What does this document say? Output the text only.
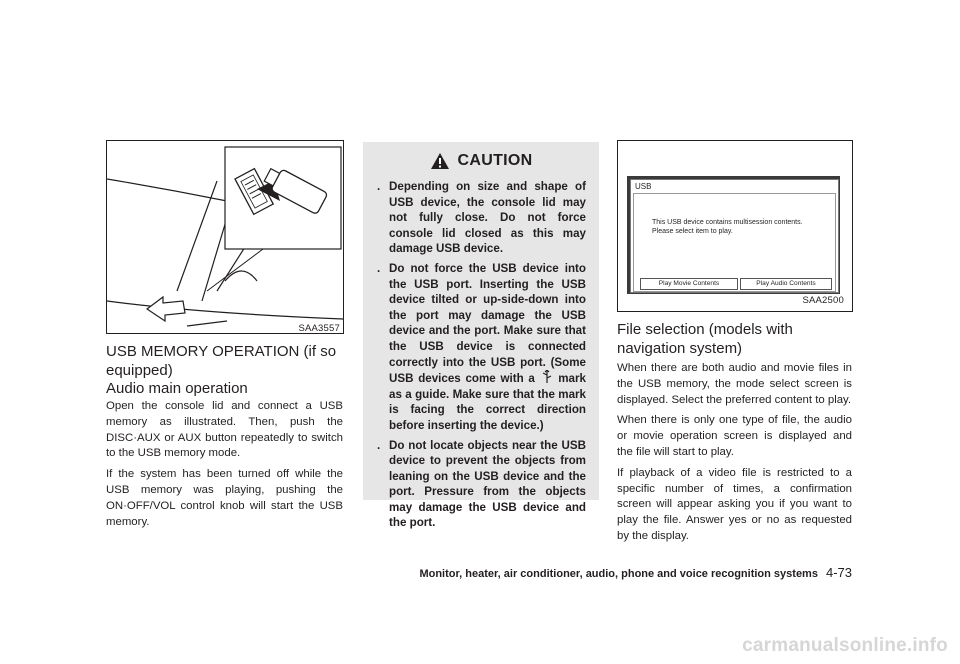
SAA3557
USB MEMORY OPERATION (if so equipped)
Audio main operation

Open the console lid and connect a USB memory as illustrated. Then, push the DISC·AUX or AUX button repeatedly to switch to the USB memory mode.

If the system has been turned off while the USB memory was playing, pushing the ON·OFF/VOL control knob will start the USB memory.

CAUTION
. Depending on size and shape of USB device, the console lid may not fully close. Do not force console lid closed as this may damage USB device.
. Do not force the USB device into the USB port. Inserting the USB device tilted or up-side-down into the port may damage the USB device and the port. Make sure that the USB device is connected correctly into the USB port. (Some USB devices come with a mark as a guide. Make sure that the mark is facing the correct direction before inserting the device.)
. Do not locate objects near the USB device to prevent the objects from leaning on the USB device and the port. Pressure from the objects may damage the USB device and the port.
USB
This USB device contains multisession contents.
Please select item to play.
Play Movie Contents	Play Audio Contents
SAA2500
File selection (models with navigation system)

When there are both audio and movie files in the USB memory, the mode select screen is displayed. Select the preferred content to play.

When there is only one type of file, the audio or movie operation screen is displayed and the file will start to play.

If playback of a video file is restricted to a specific number of times, a confirmation screen will appear asking you if you want to play the file. Answer yes or no as requested by the display.

Monitor, heater, air conditioner, audio, phone and voice recognition systems 4-73
carmanualsonline.info
